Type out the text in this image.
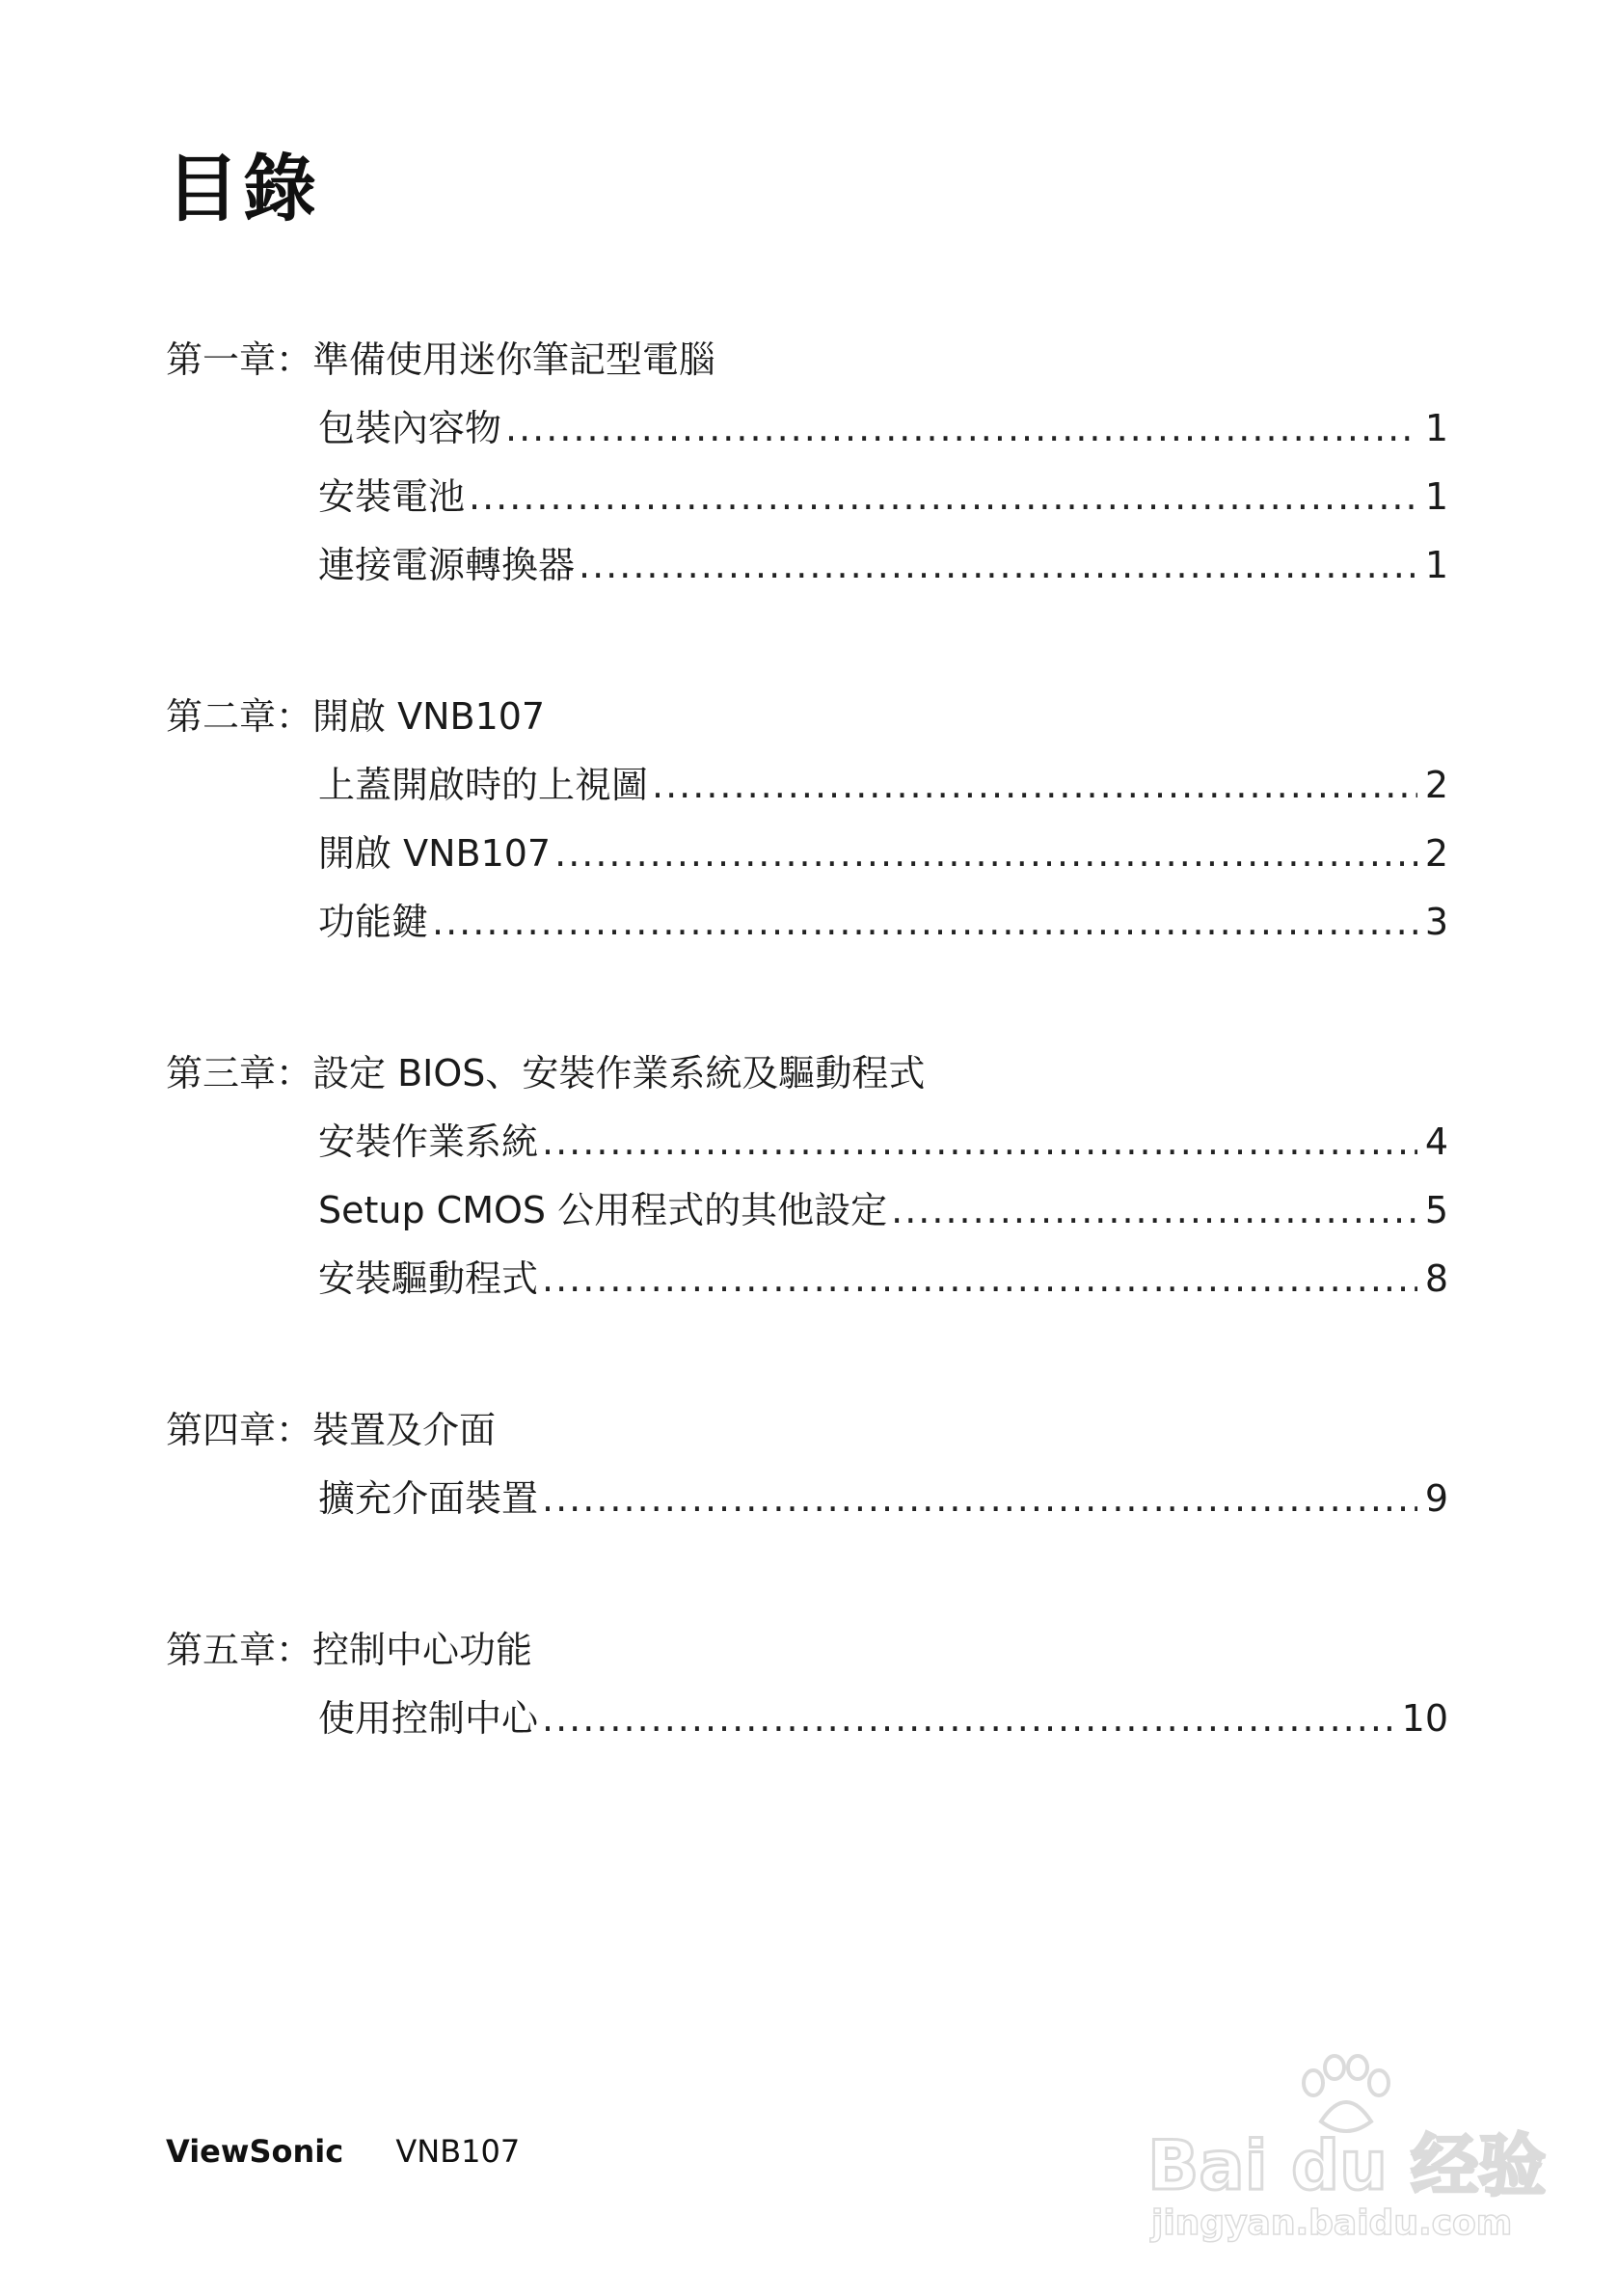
目錄
第一章：準備使用迷你筆記型電腦
包裝內容物 .....	1
安裝電池 .....	1
連接電源轉換器 .....	1
第二章：開啟 VNB107
上蓋開啟時的上視圖 .....	2
開啟 VNB107 .....	2
功能鍵 .....	3
第三章：設定 BIOS、安裝作業系統及驅動程式
安裝作業系統 .....	4
Setup CMOS 公用程式的其他設定 .....	5
安裝驅動程式 .....	8
第四章：裝置及介面
擴充介面裝置 .....	9
第五章：控制中心功能
使用控制中心 .....	10
ViewSonic VNB107	Bai du 经验
jingyan.baidu.com
